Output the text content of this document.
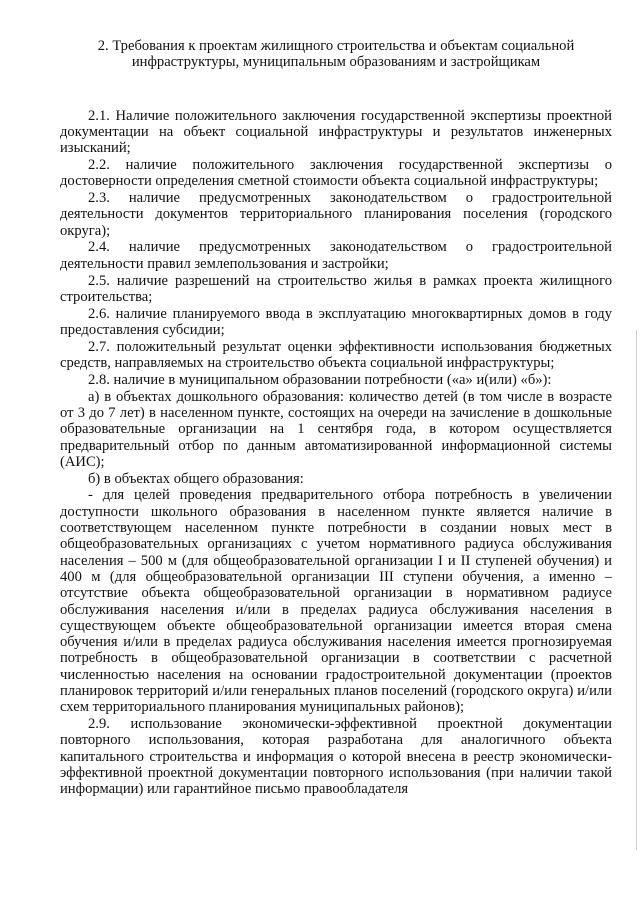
2. Требования к проектам жилищного строительства и объектам социальной инфраструктуры, муниципальным образованиям и застройщикам

2.1. Наличие положительного заключения государственной экспертизы проектной документации на объект социальной инфраструктуры и результатов инженерных изысканий;

2.2. наличие положительного заключения государственной экспертизы о достоверности определения сметной стоимости объекта социальной инфраструктуры;

2.3. наличие предусмотренных законодательством о градостроительной деятельности документов территориального планирования поселения (городского округа);

2.4. наличие предусмотренных законодательством о градостроительной деятельности правил землепользования и застройки;

2.5. наличие разрешений на строительство жилья в рамках проекта жилищного строительства;

2.6. наличие планируемого ввода в эксплуатацию многоквартирных домов в году предоставления субсидии;

2.7. положительный результат оценки эффективности использования бюджетных средств, направляемых на строительство объекта социальной инфраструктуры;

2.8. наличие в муниципальном образовании потребности («а» и(или) «б»):

а) в объектах дошкольного образования: количество детей (в том числе в возрасте от 3 до 7 лет) в населенном пункте, состоящих на очереди на зачисление в дошкольные образовательные организации на 1 сентября года, в котором осуществляется предварительный отбор по данным автоматизированной информационной системы (АИС);

б) в объектах общего образования:

- для целей проведения предварительного отбора потребность в увеличении доступности школьного образования в населенном пункте является наличие в соответствующем населенном пункте потребности в создании новых мест в общеобразовательных организациях с учетом нормативного радиуса обслуживания населения – 500 м (для общеобразовательной организации I и II ступеней обучения) и 400 м (для общеобразовательной организации III ступени обучения, а именно – отсутствие объекта общеобразовательной организации в нормативном радиусе обслуживания населения и/или в пределах радиуса обслуживания населения в существующем объекте общеобразовательной организации имеется вторая смена обучения и/или в пределах радиуса обслуживания населения имеется прогнозируемая потребность в общеобразовательной организации в соответствии с расчетной численностью населения на основании градостроительной документации (проектов планировок территорий и/или генеральных планов поселений (городского округа) и/или схем территориального планирования муниципальных районов);

2.9. использование экономически-эффективной проектной документации повторного использования, которая разработана для аналогичного объекта капитального строительства и информация о которой внесена в реестр экономически-эффективной проектной документации повторного использования (при наличии такой информации) или гарантийное письмо правообладателя
